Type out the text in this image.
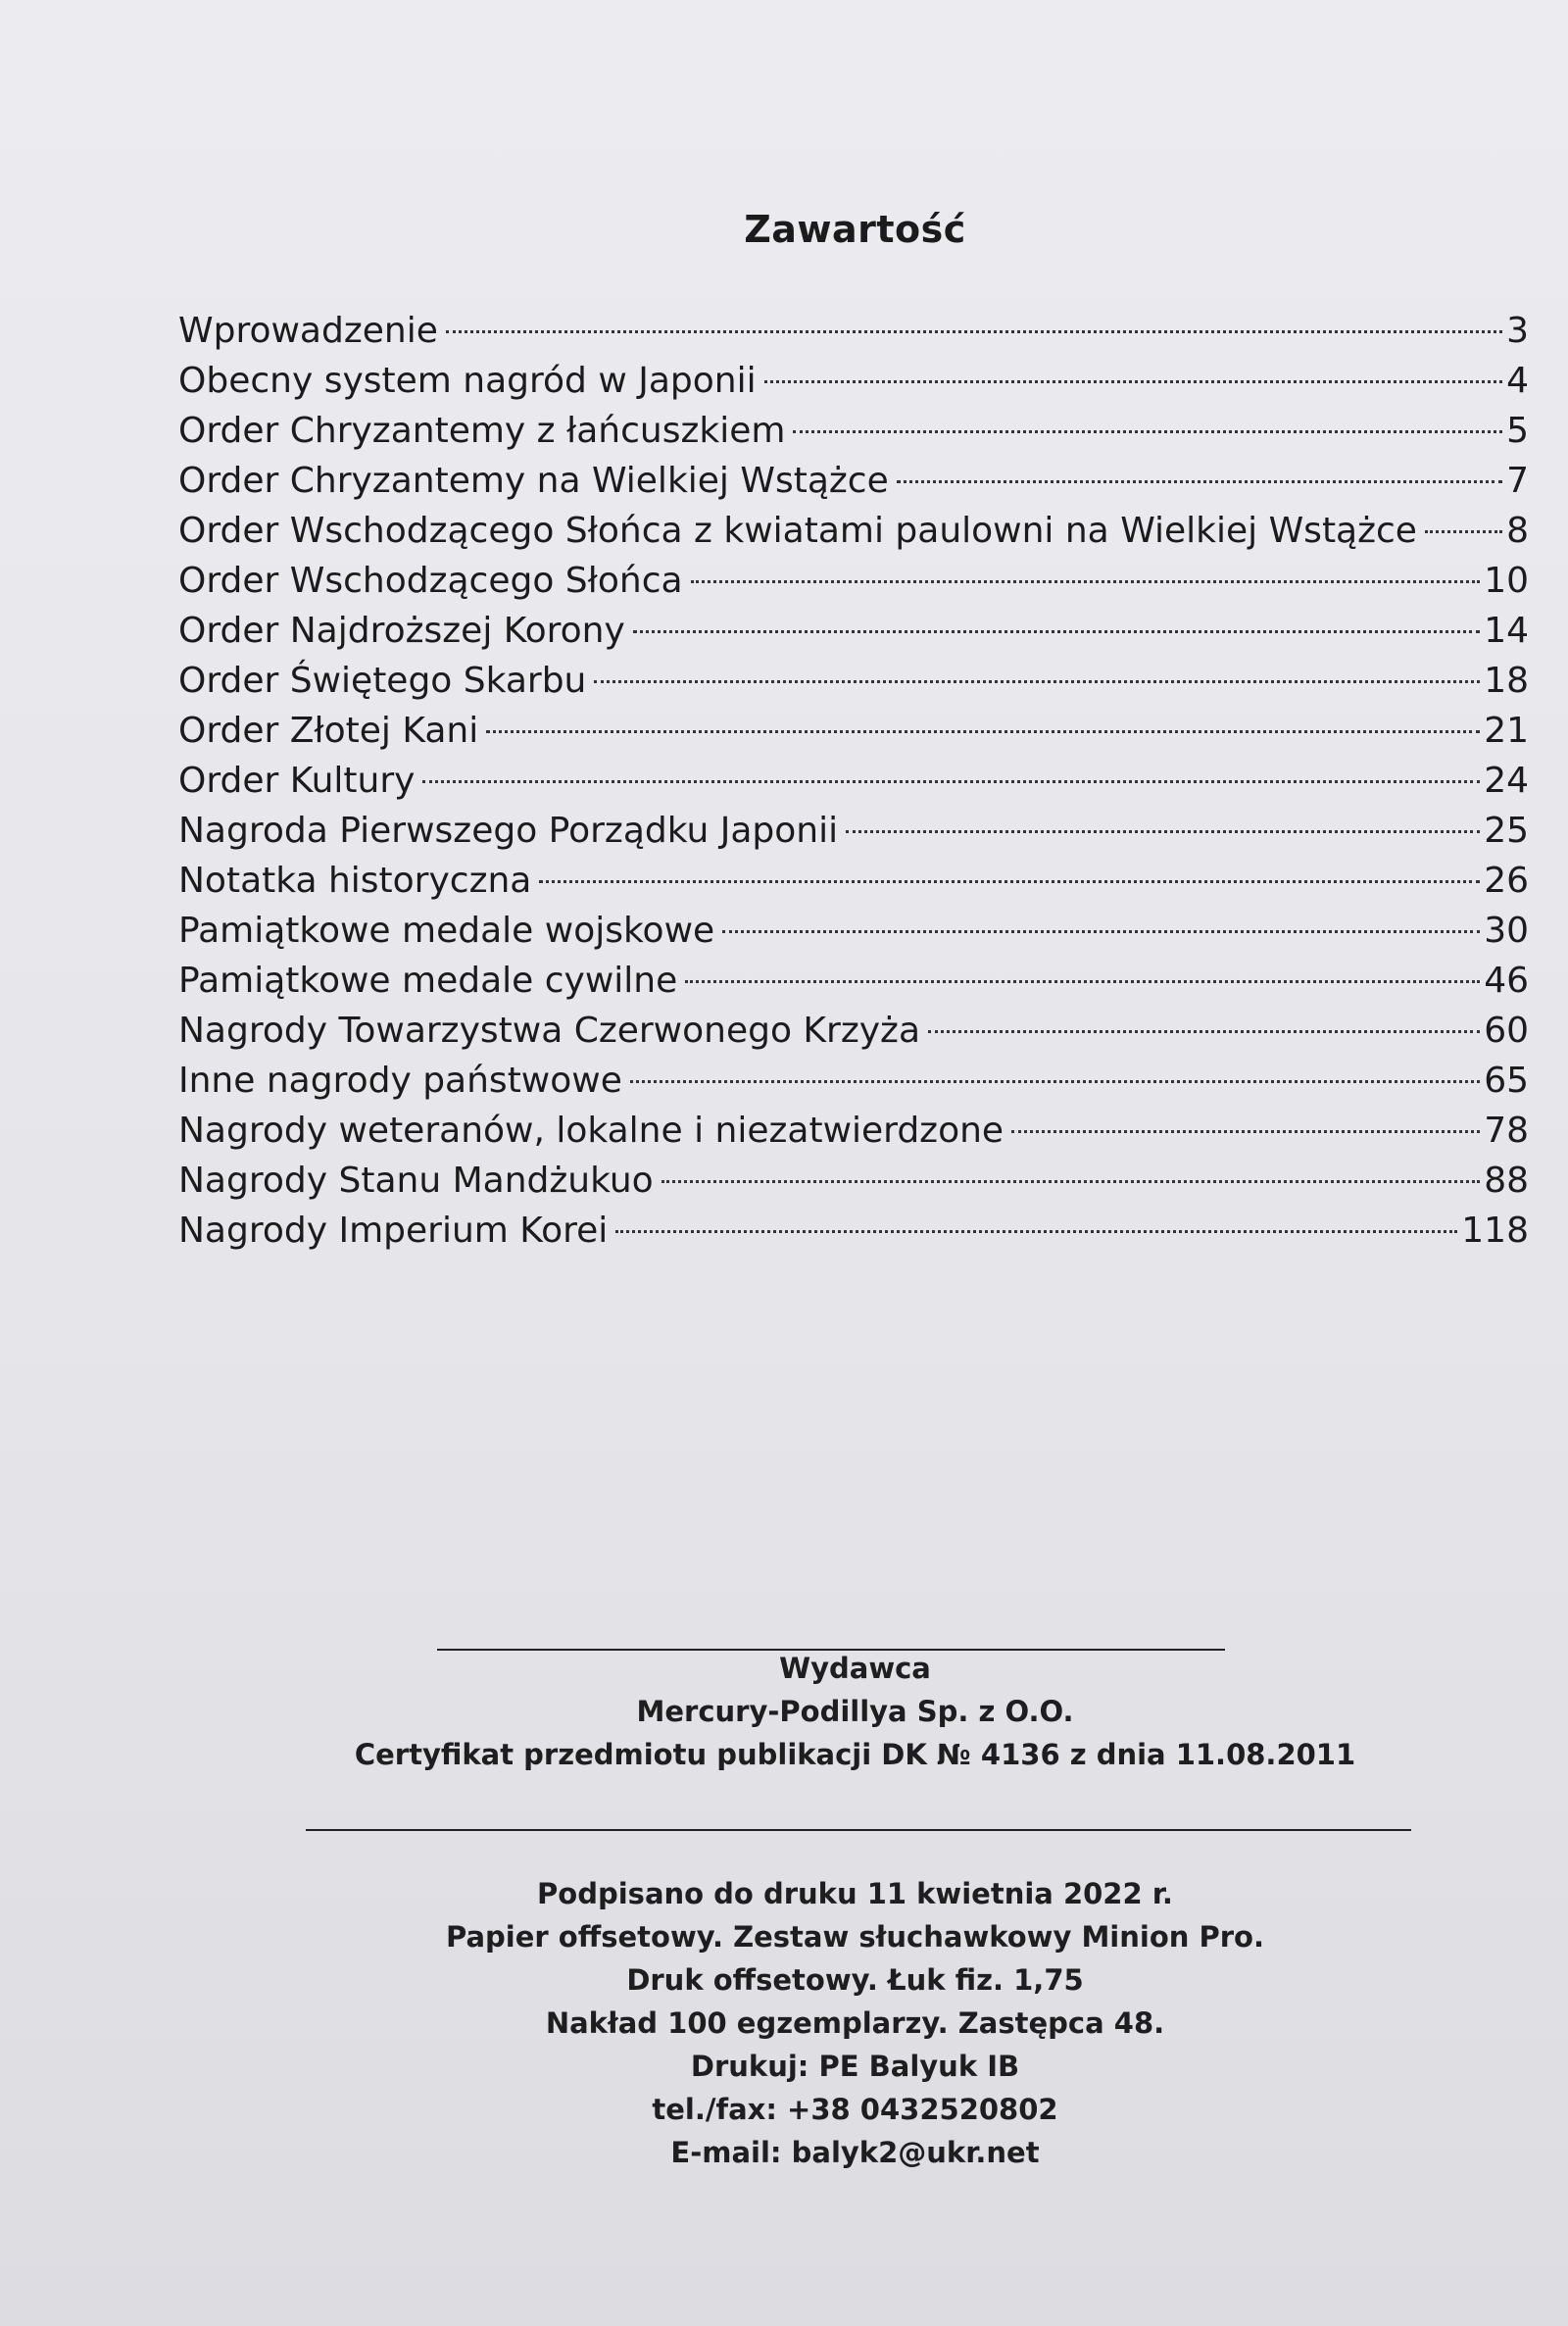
Zawartość
Wprowadzenie	3
Obecny system nagród w Japonii	4
Order Chryzantemy z łańcuszkiem	5
Order Chryzantemy na Wielkiej Wstążce	7
Order Wschodzącego Słońca z kwiatami paulowni na Wielkiej Wstążce	8
Order Wschodzącego Słońca	10
Order Najdroższej Korony	14
Order Świętego Skarbu	18
Order Złotej Kani	21
Order Kultury	24
Nagroda Pierwszego Porządku Japonii	25
Notatka historyczna	26
Pamiątkowe medale wojskowe	30
Pamiątkowe medale cywilne	46
Nagrody Towarzystwa Czerwonego Krzyża	60
Inne nagrody państwowe	65
Nagrody weteranów, lokalne i niezatwierdzone	78
Nagrody Stanu Mandżukuo	88
Nagrody Imperium Korei	118
Wydawca
Mercury-Podillya Sp. z O.O.
Certyfikat przedmiotu publikacji DK № 4136 z dnia 11.08.2011
Podpisano do druku 11 kwietnia 2022 r.
Papier offsetowy. Zestaw słuchawkowy Minion Pro.
Druk offsetowy. Łuk fiz. 1,75
Nakład 100 egzemplarzy. Zastępca 48.
Drukuj: PE Balyuk IB
tel./fax: +38 0432520802
E-mail: balyk2@ukr.net
